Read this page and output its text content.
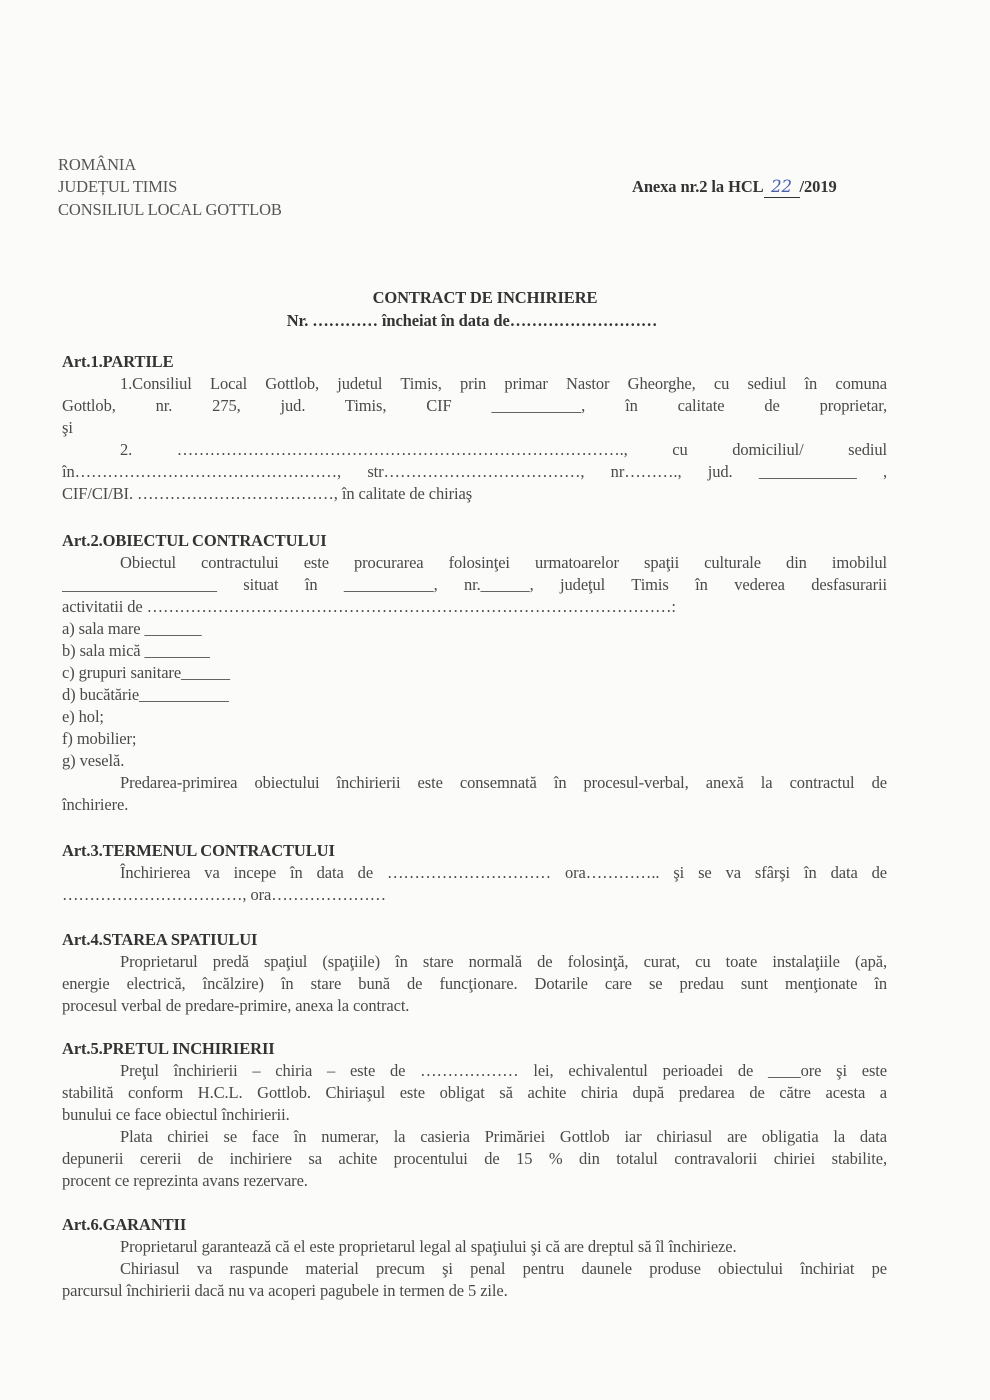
ROMÂNIA
JUDEȚUL TIMIS
CONSILIUL LOCAL GOTTLOB
Anexa nr.2 la HCL 22 /2019
CONTRACT DE INCHIRIERE
Nr. ………… încheiat în data de………………………
Art.1.PARTILE
1.Consiliul Local Gottlob, judetul Timis, prin primar Nastor Gheorghe, cu sediul în comuna
Gottlob, nr. 275, jud. Timis, CIF ___________, în calitate de proprietar,
şi
2. ………………………………………………………………………., cu domiciliul/ sediul
în…………………………………………, str………………………………, nr………., jud. ____________ ,
CIF/CI/BI. ………………………………, în calitate de chiriaş
Art.2.OBIECTUL CONTRACTULUI
Obiectul contractului este procurarea folosinţei urmatoarelor spaţii culturale din imobilul
___________________ situat în ___________, nr.______, judeţul Timis în vederea desfasurarii
activitatii de ……………………………………………………………………………………:
a) sala mare _______
b) sala mică ________
c) grupuri sanitare______
d) bucătărie___________
e) hol;
f) mobilier;
g) veselă.
Predarea-primirea obiectului închirierii este consemnată în procesul-verbal, anexă la contractul de
închiriere.
Art.3.TERMENUL CONTRACTULUI
Închirierea va incepe în data de ………………………… ora………….. şi se va sfârşi în data de
……………………………, ora…………………
Art.4.STAREA SPATIULUI
Proprietarul predă spaţiul (spaţiile) în stare normală de folosinţă, curat, cu toate instalaţiile (apă,
energie electrică, încălzire) în stare bună de funcţionare. Dotarile care se predau sunt menţionate în
procesul verbal de predare-primire, anexa la contract.
Art.5.PRETUL INCHIRIERII
Preţul închirierii – chiria – este de ……………… lei, echivalentul perioadei de ____ore şi este
stabilită conform H.C.L. Gottlob. Chiriaşul este obligat să achite chiria după predarea de către acesta a
bunului ce face obiectul închirierii.
Plata chiriei se face în numerar, la casieria Primăriei Gottlob iar chiriasul are obligatia la data
depunerii cererii de inchiriere sa achite procentului de 15 % din totalul contravalorii chiriei stabilite,
procent ce reprezinta avans rezervare.
Art.6.GARANTII
Proprietarul garantează că el este proprietarul legal al spaţiului şi că are dreptul să îl închirieze.
Chiriasul va raspunde material precum şi penal pentru daunele produse obiectului închiriat pe
parcursul închirierii dacă nu va acoperi pagubele in termen de 5 zile.
